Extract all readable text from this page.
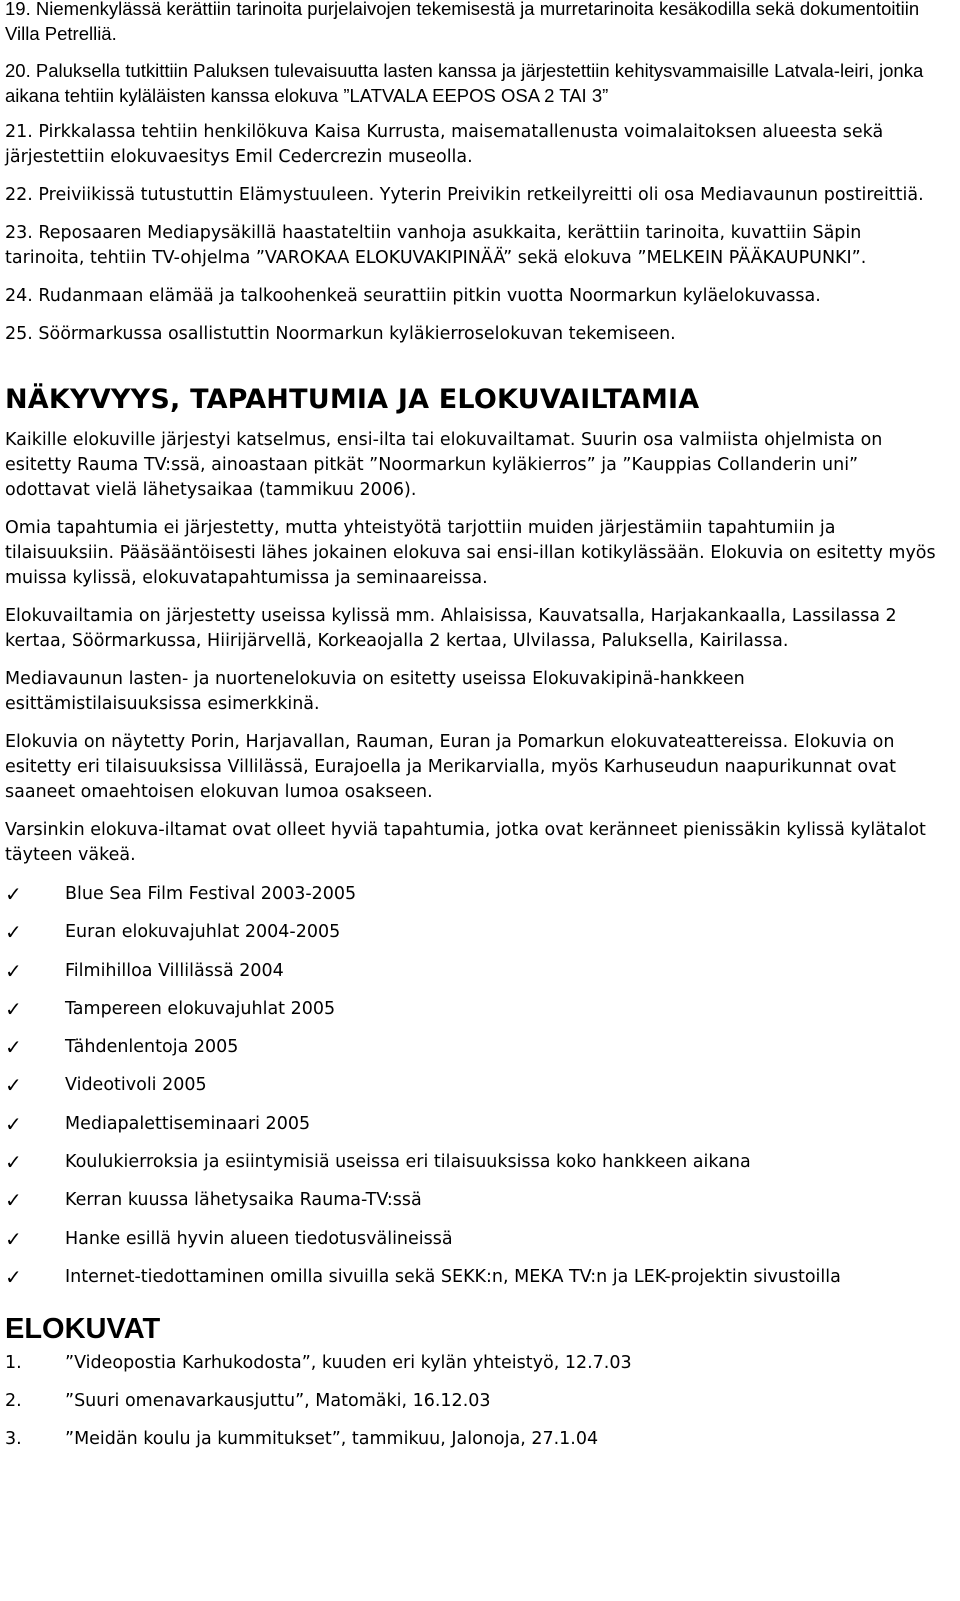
19. Niemenkylässä kerättiin tarinoita purjelaivojen tekemisestä ja murretarinoita kesäkodilla sekä dokumentoitiin Villa Petrelliä.

20. Paluksella tutkittiin Paluksen tulevaisuutta lasten kanssa ja järjestettiin kehitysvammaisille Latvala-leiri, jonka aikana tehtiin kyläläisten kanssa elokuva ”LATVALA EEPOS OSA 2 TAI 3”

21. Pirkkalassa tehtiin henkilökuva Kaisa Kurrusta, maisematallenusta voimalaitoksen alueesta sekä järjestettiin elokuvaesitys Emil Cedercrezin museolla.

22. Preiviikissä tutustuttin Elämystuuleen. Yyterin Preivikin retkeilyreitti oli osa Mediavaunun postireittiä.

23. Reposaaren Mediapysäkillä haastateltiin vanhoja asukkaita, kerättiin tarinoita, kuvattiin Säpin tarinoita, tehtiin TV-ohjelma ”VAROKAA ELOKUVAKIPINÄÄ” sekä elokuva ”MELKEIN PÄÄKAUPUNKI”.

24. Rudanmaan elämää ja talkoohenkeä seurattiin pitkin vuotta Noormarkun kyläelokuvassa.

25. Söörmarkussa osallistuttin Noormarkun kyläkierroselokuvan tekemiseen.

NÄKYVYYS, TAPAHTUMIA JA ELOKUVAILTAMIA

Kaikille elokuville järjestyi katselmus, ensi-ilta tai elokuvailtamat. Suurin osa valmiista ohjelmista on esitetty Rauma TV:ssä, ainoastaan pitkät ”Noormarkun kyläkierros” ja ”Kauppias Collanderin uni” odottavat vielä lähetysaikaa (tammikuu 2006).

Omia tapahtumia ei järjestetty, mutta yhteistyötä tarjottiin muiden järjestämiin tapahtumiin ja tilaisuuksiin. Pääsääntöisesti lähes jokainen elokuva sai ensi-illan kotikylässään. Elokuvia on esitetty myös muissa kylissä, elokuvatapahtumissa ja seminaareissa.

Elokuvailtamia on järjestetty useissa kylissä mm. Ahlaisissa, Kauvatsalla, Harjakankaalla, Lassilassa 2 kertaa, Söörmarkussa, Hiirijärvellä, Korkeaojalla 2 kertaa, Ulvilassa, Paluksella, Kairilassa.

Mediavaunun lasten- ja nuortenelokuvia on esitetty useissa Elokuvakipinä-hankkeen esittämistilaisuuksissa esimerkkinä.

Elokuvia on näytetty Porin, Harjavallan, Rauman, Euran ja Pomarkun elokuvateattereissa. Elokuvia on esitetty eri tilaisuuksissa Villilässä, Eurajoella ja Merikarvialla, myös Karhuseudun naapurikunnat ovat saaneet omaehtoisen elokuvan lumoa osakseen.

Varsinkin elokuva-iltamat ovat olleet hyviä tapahtumia, jotka ovat keränneet pienissäkin kylissä kylätalot täyteen väkeä.

✓	Blue Sea Film Festival 2003-2005
✓	Euran elokuvajuhlat 2004-2005
✓	Filmihilloa Villilässä 2004
✓	Tampereen elokuvajuhlat 2005
✓	Tähdenlentoja 2005
✓	Videotivoli 2005
✓	Mediapalettiseminaari 2005
✓	Koulukierroksia ja esiintymisiä useissa eri tilaisuuksissa koko hankkeen aikana
✓	Kerran kuussa lähetysaika Rauma-TV:ssä
✓	Hanke esillä hyvin alueen tiedotusvälineissä
✓	Internet-tiedottaminen omilla sivuilla sekä SEKK:n, MEKA TV:n ja LEK-projektin sivustoilla
ELOKUVAT
1.	”Videopostia Karhukodosta”, kuuden eri kylän yhteistyö, 12.7.03
2.	”Suuri omenavarkausjuttu”, Matomäki, 16.12.03
3.	”Meidän koulu ja kummitukset”, tammikuu, Jalonoja, 27.1.04
